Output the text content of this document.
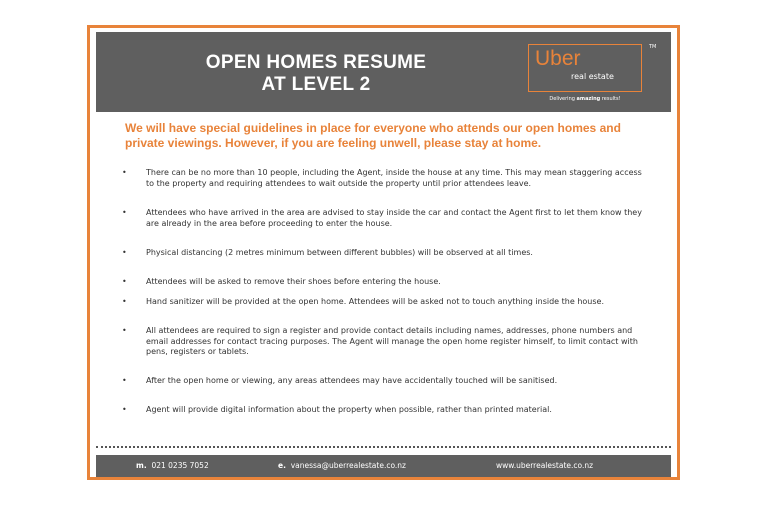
OPEN HOMES RESUME
AT LEVEL 2
Uber
real estate
TM
Delivering amazing results!

We will have special guidelines in place for everyone who attends our open homes and private viewings. However, if you are feeling unwell, please stay at home.

• There can be no more than 10 people, including the Agent, inside the house at any time. This may mean staggering access to the property and requiring attendees to wait outside the property until prior attendees leave.
• Attendees who have arrived in the area are advised to stay inside the car and contact the Agent first to let them know they are already in the area before proceeding to enter the house.
• Physical distancing (2 metres minimum between different bubbles) will be observed at all times.
• Attendees will be asked to remove their shoes before entering the house.
• Hand sanitizer will be provided at the open home. Attendees will be asked not to touch anything inside the house.
• All attendees are required to sign a register and provide contact details including names, addresses, phone numbers and email addresses for contact tracing purposes. The Agent will manage the open home register himself, to limit contact with pens, registers or tablets.
• After the open home or viewing, any areas attendees may have accidentally touched will be sanitised.
• Agent will provide digital information about the property when possible, rather than printed material.
m. 021 0235 7052	e. vanessa@uberrealestate.co.nz	www.uberrealestate.co.nz
